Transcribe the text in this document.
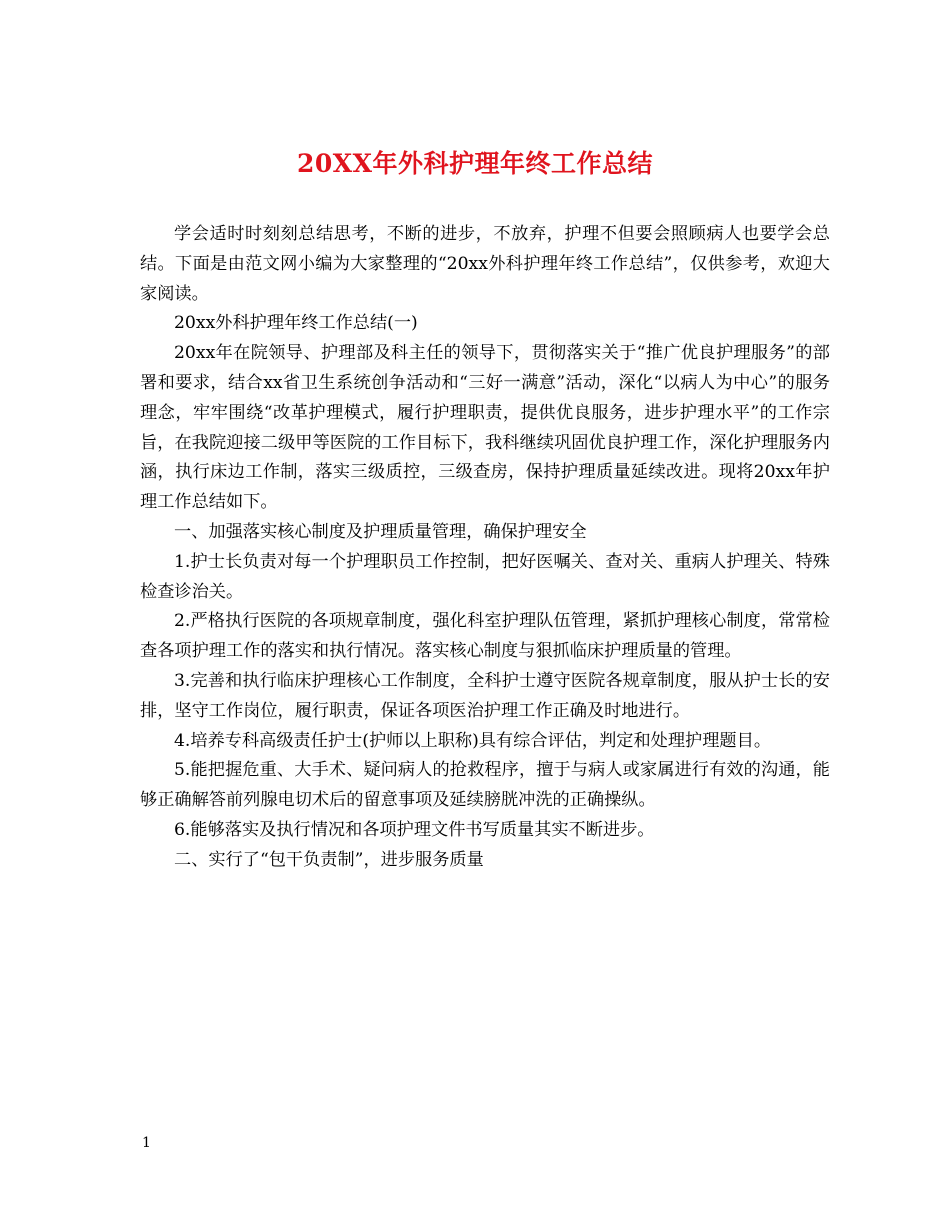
20XX年外科护理年终工作总结

学会适时时刻刻总结思考，不断的进步，不放弃，护理不但要会照顾病人也要学会总结。下面是由范文网小编为大家整理的“20xx外科护理年终工作总结”，仅供参考，欢迎大家阅读。

20xx外科护理年终工作总结(一)

20xx年在院领导、护理部及科主任的领导下，贯彻落实关于“推广优良护理服务”的部署和要求，结合xx省卫生系统创争活动和“三好一满意”活动，深化“以病人为中心”的服务理念，牢牢围绕“改革护理模式，履行护理职责，提供优良服务，进步护理水平”的工作宗旨，在我院迎接二级甲等医院的工作目标下，我科继续巩固优良护理工作，深化护理服务内涵，执行床边工作制，落实三级质控，三级查房，保持护理质量延续改进。现将20xx年护理工作总结如下。

一、加强落实核心制度及护理质量管理，确保护理安全

1.护士长负责对每一个护理职员工作控制，把好医嘱关、查对关、重病人护理关、特殊检查诊治关。

2.严格执行医院的各项规章制度，强化科室护理队伍管理，紧抓护理核心制度，常常检查各项护理工作的落实和执行情况。落实核心制度与狠抓临床护理质量的管理。

3.完善和执行临床护理核心工作制度，全科护士遵守医院各规章制度，服从护士长的安排，坚守工作岗位，履行职责，保证各项医治护理工作正确及时地进行。

4.培养专科高级责任护士(护师以上职称)具有综合评估，判定和处理护理题目。

5.能把握危重、大手术、疑问病人的抢救程序，擅于与病人或家属进行有效的沟通，能够正确解答前列腺电切术后的留意事项及延续膀胱冲洗的正确操纵。

6.能够落实及执行情况和各项护理文件书写质量其实不断进步。

二、实行了“包干负责制”，进步服务质量

1
